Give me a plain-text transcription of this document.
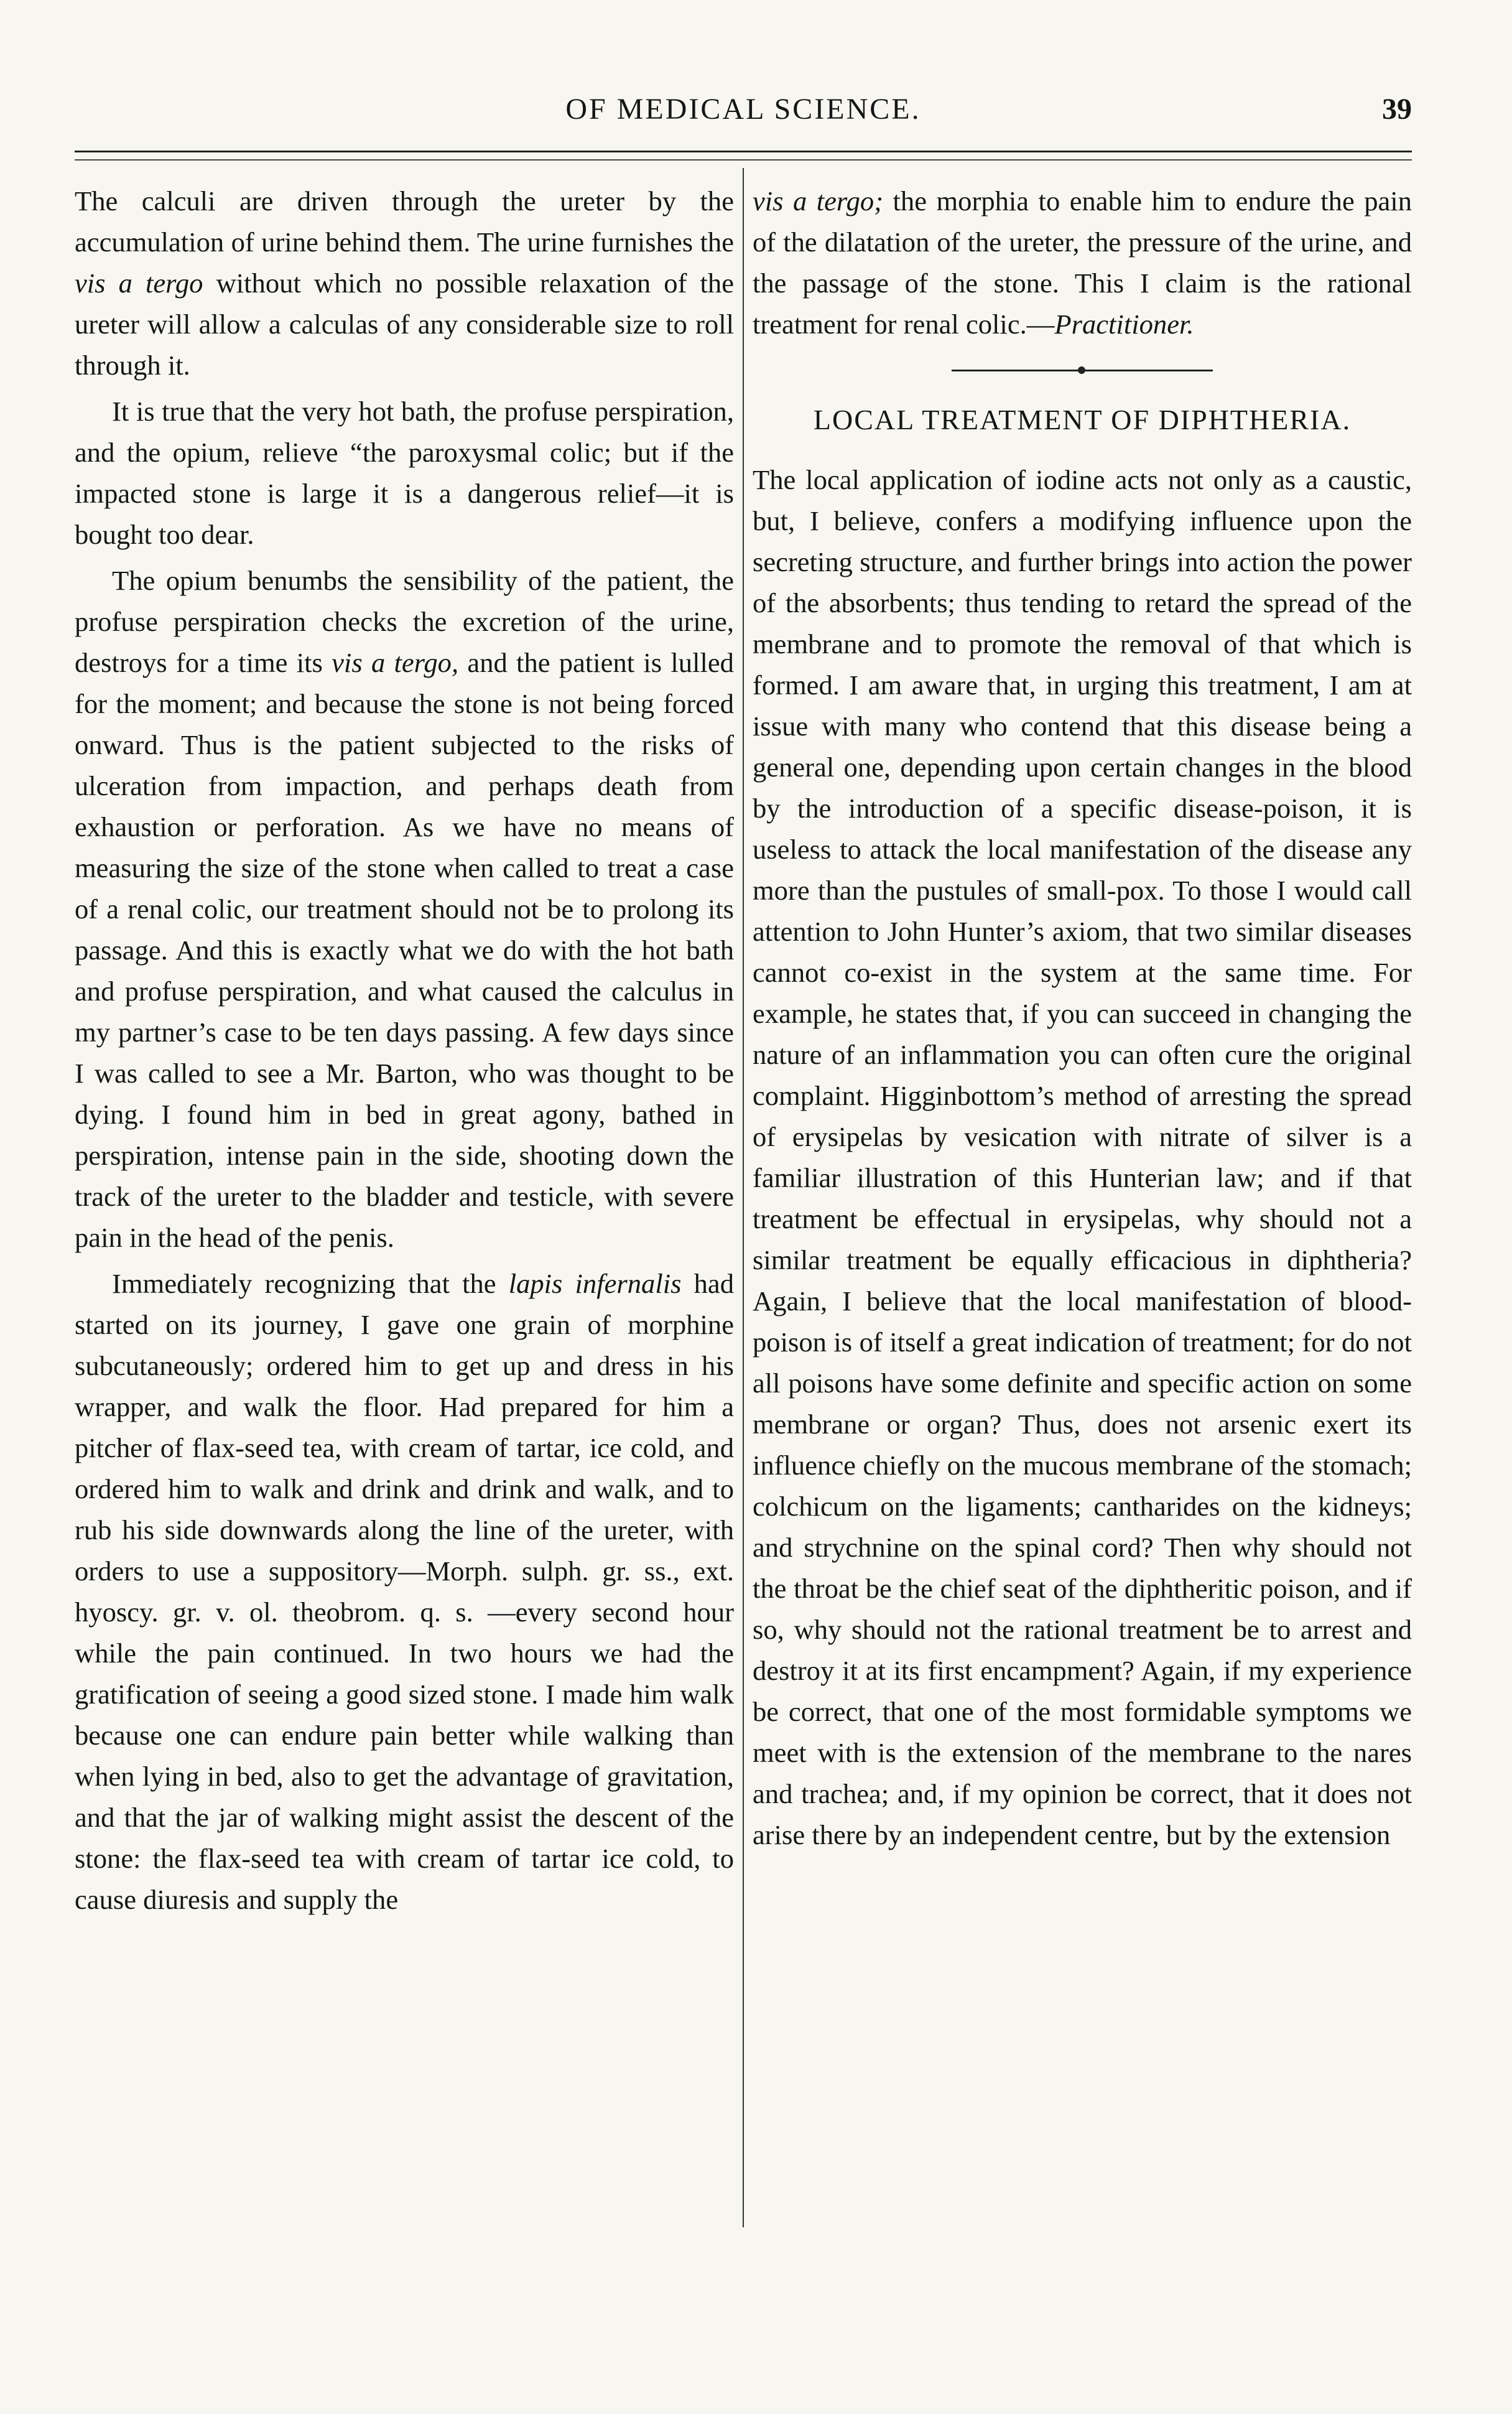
OF MEDICAL SCIENCE.	39

The calculi are driven through the ureter by the accumulation of urine behind them. The urine furnishes the vis a tergo without which no possible relaxation of the ureter will allow a calculas of any considerable size to roll through it.

It is true that the very hot bath, the profuse perspiration, and the opium, relieve “the paroxysmal colic; but if the impacted stone is large it is a dangerous relief—it is bought too dear.

The opium benumbs the sensibility of the patient, the profuse perspiration checks the excretion of the urine, destroys for a time its vis a tergo, and the patient is lulled for the moment; and because the stone is not being forced onward. Thus is the patient subjected to the risks of ulceration from impaction, and perhaps death from exhaustion or perforation. As we have no means of measuring the size of the stone when called to treat a case of a renal colic, our treatment should not be to prolong its passage. And this is exactly what we do with the hot bath and profuse perspiration, and what caused the calculus in my partner’s case to be ten days passing. A few days since I was called to see a Mr. Barton, who was thought to be dying. I found him in bed in great agony, bathed in perspiration, intense pain in the side, shooting down the track of the ureter to the bladder and testicle, with severe pain in the head of the penis.

Immediately recognizing that the lapis infernalis had started on its journey, I gave one grain of morphine subcutaneously; ordered him to get up and dress in his wrapper, and walk the floor. Had prepared for him a pitcher of flax-seed tea, with cream of tartar, ice cold, and ordered him to walk and drink and drink and walk, and to rub his side downwards along the line of the ureter, with orders to use a suppository—Morph. sulph. gr. ss., ext. hyoscy. gr. v. ol. theobrom. q. s. —every second hour while the pain continued. In two hours we had the gratification of seeing a good sized stone. I made him walk because one can endure pain better while walking than when lying in bed, also to get the advantage of gravitation, and that the jar of walking might assist the descent of the stone: the flax-seed tea with cream of tartar ice cold, to cause diuresis and supply the

vis a tergo; the morphia to enable him to endure the pain of the dilatation of the ureter, the pressure of the urine, and the passage of the stone. This I claim is the rational treatment for renal colic.—Practitioner.

LOCAL TREATMENT OF DIPHTHERIA.

The local application of iodine acts not only as a caustic, but, I believe, confers a modifying influence upon the secreting structure, and further brings into action the power of the absorbents; thus tending to retard the spread of the membrane and to promote the removal of that which is formed. I am aware that, in urging this treatment, I am at issue with many who contend that this disease being a general one, depending upon certain changes in the blood by the introduction of a specific disease-poison, it is useless to attack the local manifestation of the disease any more than the pustules of small-pox. To those I would call attention to John Hunter’s axiom, that two similar diseases cannot co-exist in the system at the same time. For example, he states that, if you can succeed in changing the nature of an inflammation you can often cure the original complaint. Higginbottom’s method of arresting the spread of erysipelas by vesication with nitrate of silver is a familiar illustration of this Hunterian law; and if that treatment be effectual in erysipelas, why should not a similar treatment be equally efficacious in diphtheria? Again, I believe that the local manifestation of blood-poison is of itself a great indication of treatment; for do not all poisons have some definite and specific action on some membrane or organ? Thus, does not arsenic exert its influence chiefly on the mucous membrane of the stomach; colchicum on the ligaments; cantharides on the kidneys; and strychnine on the spinal cord? Then why should not the throat be the chief seat of the diphtheritic poison, and if so, why should not the rational treatment be to arrest and destroy it at its first encampment? Again, if my experience be correct, that one of the most formidable symptoms we meet with is the extension of the membrane to the nares and trachea; and, if my opinion be correct, that it does not arise there by an independent centre, but by the extension
